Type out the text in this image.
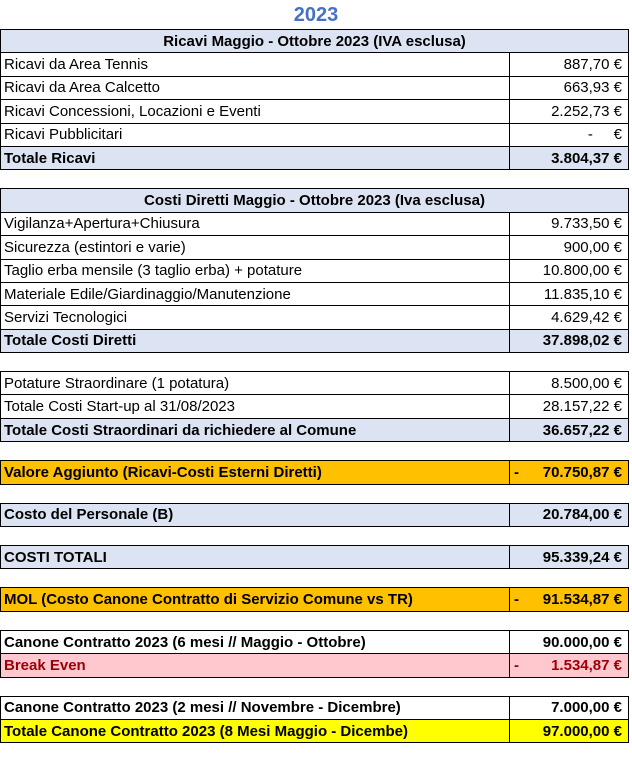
2023
Ricavi Maggio - Ottobre 2023 (IVA esclusa)
Ricavi da Area Tennis	887,70 €
Ricavi da Area Calcetto	663,93 €
Ricavi Concessioni, Locazioni e Eventi	2.252,73 €
Ricavi Pubblicitari	-     €
Totale Ricavi	3.804,37 €
Costi Diretti Maggio - Ottobre 2023 (Iva esclusa)
Vigilanza+Apertura+Chiusura	9.733,50 €
Sicurezza (estintori e varie)	900,00 €
Taglio erba mensile (3 taglio erba) + potature	10.800,00 €
Materiale Edile/Giardinaggio/Manutenzione	11.835,10 €
Servizi Tecnologici	4.629,42 €
Totale Costi Diretti	37.898,02 €
Potature Straordinare (1 potatura)	8.500,00 €
Totale Costi Start-up al 31/08/2023	28.157,22 €
Totale Costi Straordinari da richiedere al Comune	36.657,22 €
Valore Aggiunto (Ricavi-Costi Esterni Diretti)	- 70.750,87 €
Costo del Personale (B)	20.784,00 €
COSTI TOTALI	95.339,24 €
MOL (Costo Canone Contratto di Servizio Comune vs TR)	- 91.534,87 €
Canone Contratto 2023 (6 mesi // Maggio - Ottobre)	90.000,00 €
Break Even	- 1.534,87 €
Canone Contratto 2023 (2 mesi // Novembre - Dicembre)	7.000,00 €
Totale Canone Contratto 2023 (8 Mesi Maggio - Dicembe)	97.000,00 €
